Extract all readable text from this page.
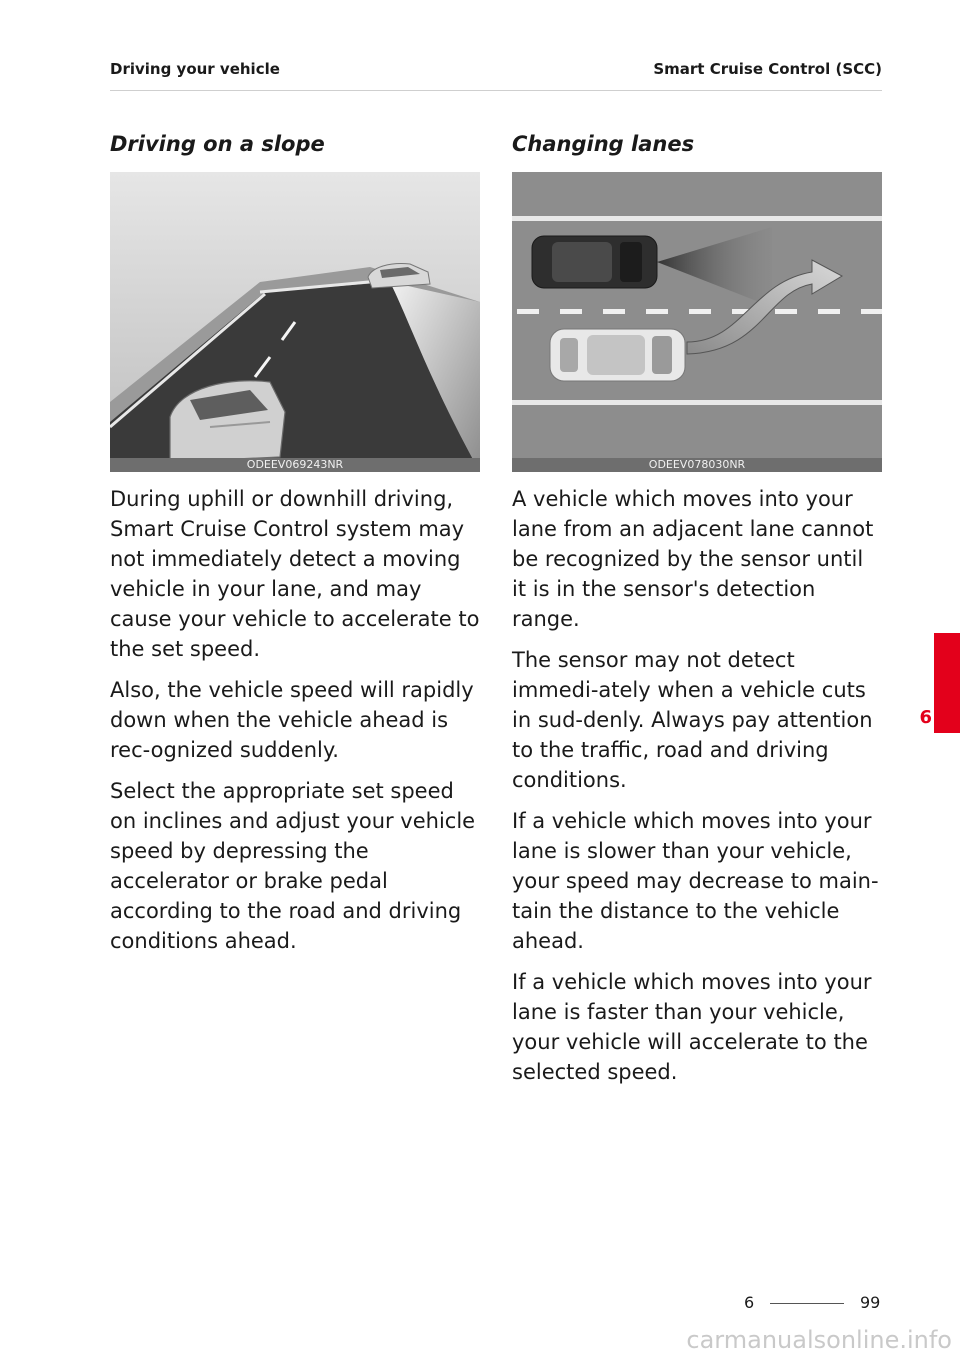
Driving your vehicle	Smart Cruise Control (SCC)
Driving on a slope
ODEEV069243NR

During uphill or downhill driving, Smart Cruise Control system may not immediately detect a moving vehicle in your lane, and may cause your vehicle to accelerate to the set speed.

Also, the vehicle speed will rapidly down when the vehicle ahead is rec-ognized suddenly.

Select the appropriate set speed on inclines and adjust your vehicle speed by depressing the accelerator or brake pedal according to the road and driving conditions ahead.

Changing lanes
ODEEV078030NR

A vehicle which moves into your lane from an adjacent lane cannot be recognized by the sensor until it is in the sensor's detection range.

The sensor may not detect immedi-ately when a vehicle cuts in sud-denly. Always pay attention to the traffic, road and driving conditions.

If a vehicle which moves into your lane is slower than your vehicle, your speed may decrease to main-tain the distance to the vehicle ahead.

If a vehicle which moves into your lane is faster than your vehicle, your vehicle will accelerate to the selected speed.

6
6	99
carmanualsonline.info
